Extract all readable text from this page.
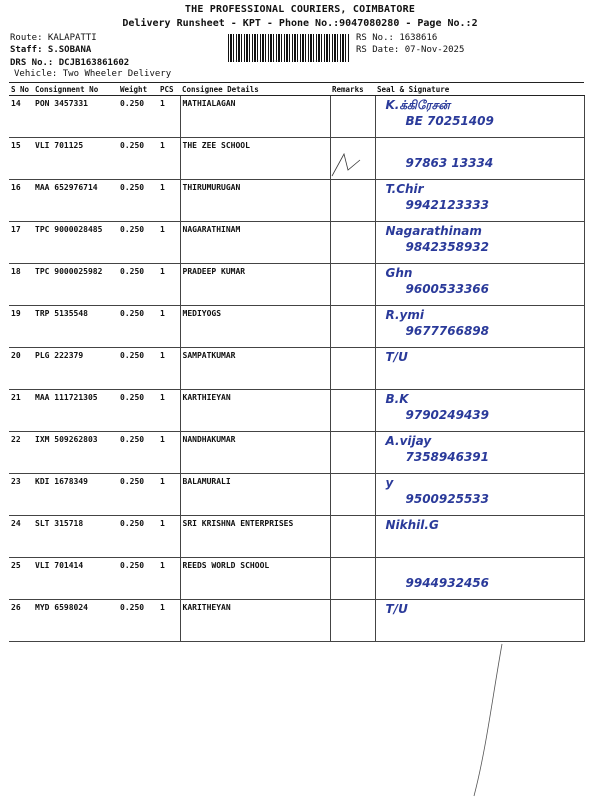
THE PROFESSIONAL COURIERS, COIMBATORE
Delivery Runsheet - KPT - Phone No.:9047080280 - Page No.:2
Route: KALAPATTI
Staff: S.SOBANA
DRS No.: DCJB163861602
Vehicle: Two Wheeler Delivery
RS No.: 1638616
RS Date: 07-Nov-2025
S No	Consignment No	Weight	PCS	Consignee Details	Remarks	Seal & Signature
14	PON 3457331	0.250	1	MATHIALAGAN		K.க்கிரேசன்
BE 70251409

15	VLI 701125	0.250	1	THE ZEE SCHOOL		97863 13334

16	MAA 652976714	0.250	1	THIRUMURUGAN		T.Chir
9942123333

17	TPC 9000028485	0.250	1	NAGARATHINAM		Nagarathinam
9842358932

18	TPC 9000025982	0.250	1	PRADEEP KUMAR		Ghn
9600533366

19	TRP 5135548	0.250	1	MEDIYOGS		R.ymi
9677766898

20	PLG 222379	0.250	1	SAMPATKUMAR		T/U

21	MAA 111721305	0.250	1	KARTHIEYAN		B.K
9790249439

22	IXM 509262803	0.250	1	NANDHAKUMAR		A.vijay
7358946391

23	KDI 1678349	0.250	1	BALAMURALI		y
9500925533

24	SLT 315718	0.250	1	SRI KRISHNA ENTERPRISES		Nikhil.G

25	VLI 701414	0.250	1	REEDS WORLD SCHOOL		9944932456

26	MYD 6598024	0.250	1	KARITHEYAN		T/U
